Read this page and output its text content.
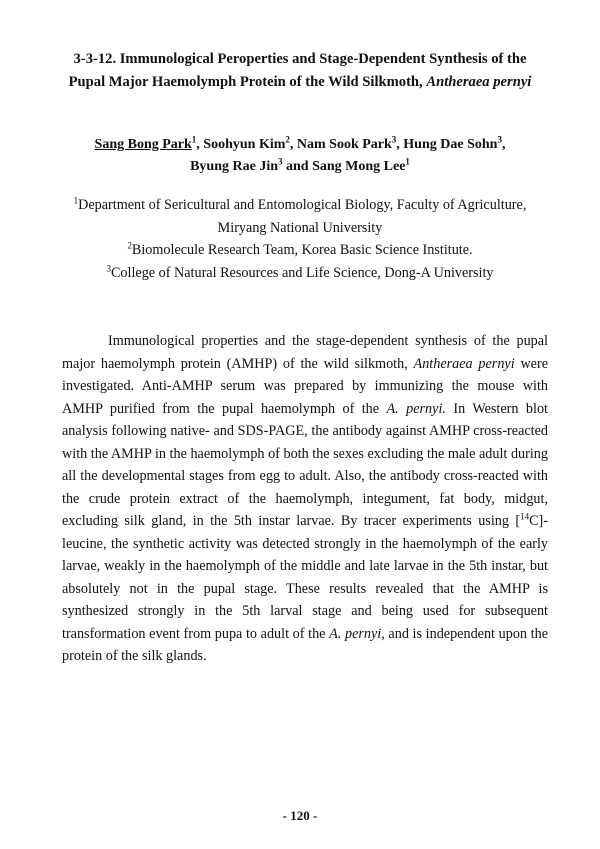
3-3-12. Immunological Peroperties and Stage-Dependent Synthesis of the
Pupal Major Haemolymph Protein of the Wild Silkmoth, Antheraea pernyi
Sang Bong Park$^1$, Soohyun Kim$^2$, Nam Sook Park$^3$, Hung Dae Sohn$^3$,
Byung Rae Jin$^3$ and Sang Mong Lee$^1$
$^1$Department of Sericultural and Entomological Biology, Faculty of Agriculture,
Miryang National University
$^2$Biomolecule Research Team, Korea Basic Science Institute.
$^3$College of Natural Resources and Life Science, Dong-A University
Immunological properties and the stage-dependent synthesis of the pupal major haemolymph protein (AMHP) of the wild silkmoth, Antheraea pernyi were investigated. Anti-AMHP serum was prepared by immunizing the mouse with AMHP purified from the pupal haemolymph of the A. pernyi. In Western blot analysis following native- and SDS-PAGE, the antibody against AMHP cross-reacted with the AMHP in the haemolymph of both the sexes excluding the male adult during all the developmental stages from egg to adult. Also, the antibody cross-reacted with the crude protein extract of the haemolymph, integument, fat body, midgut, excluding silk gland, in the 5th instar larvae. By tracer experiments using [$^{14}$C]-leucine, the synthetic activity was detected strongly in the haemolymph of the early larvae, weakly in the haemolymph of the middle and late larvae in the 5th instar, but absolutely not in the pupal stage. These results revealed that the AMHP is synthesized strongly in the 5th larval stage and being used for subsequent transformation event from pupa to adult of the A. pernyi, and is independent upon the protein of the silk glands.
- 120 -
